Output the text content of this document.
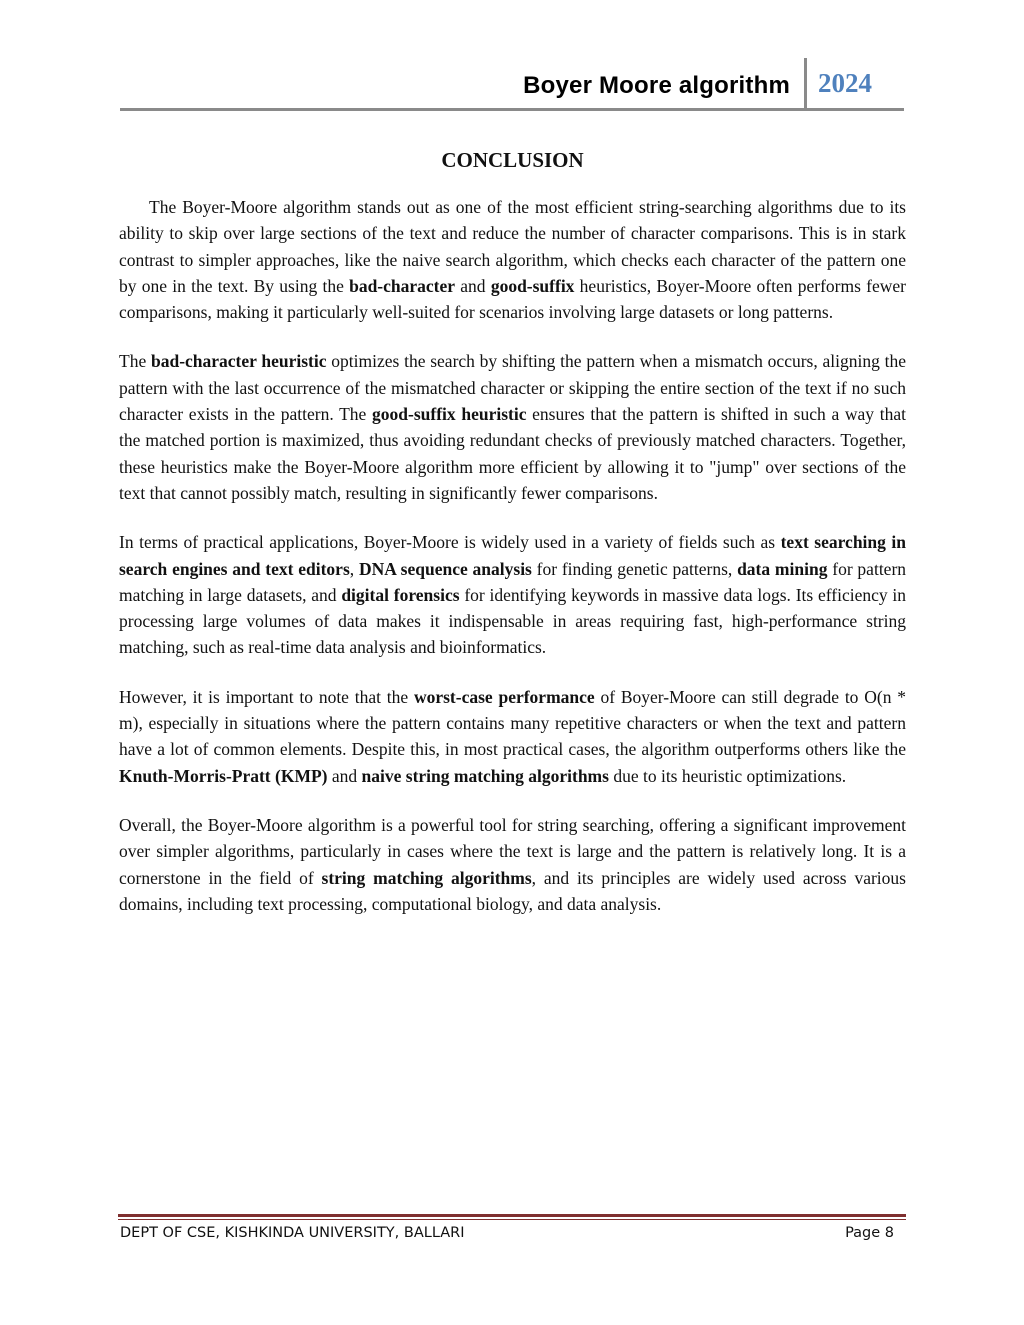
Boyer Moore algorithm 2024
CONCLUSION

The Boyer-Moore algorithm stands out as one of the most efficient string-searching algorithms due to its ability to skip over large sections of the text and reduce the number of character comparisons. This is in stark contrast to simpler approaches, like the naive search algorithm, which checks each character of the pattern one by one in the text. By using the bad-character and good-suffix heuristics, Boyer-Moore often performs fewer comparisons, making it particularly well-suited for scenarios involving large datasets or long patterns.

The bad-character heuristic optimizes the search by shifting the pattern when a mismatch occurs, aligning the pattern with the last occurrence of the mismatched character or skipping the entire section of the text if no such character exists in the pattern. The good-suffix heuristic ensures that the pattern is shifted in such a way that the matched portion is maximized, thus avoiding redundant checks of previously matched characters. Together, these heuristics make the Boyer-Moore algorithm more efficient by allowing it to "jump" over sections of the text that cannot possibly match, resulting in significantly fewer comparisons.

In terms of practical applications, Boyer-Moore is widely used in a variety of fields such as text searching in search engines and text editors, DNA sequence analysis for finding genetic patterns, data mining for pattern matching in large datasets, and digital forensics for identifying keywords in massive data logs. Its efficiency in processing large volumes of data makes it indispensable in areas requiring fast, high-performance string matching, such as real-time data analysis and bioinformatics.

However, it is important to note that the worst-case performance of Boyer-Moore can still degrade to O(n * m), especially in situations where the pattern contains many repetitive characters or when the text and pattern have a lot of common elements. Despite this, in most practical cases, the algorithm outperforms others like the Knuth-Morris-Pratt (KMP) and naive string matching algorithms due to its heuristic optimizations.

Overall, the Boyer-Moore algorithm is a powerful tool for string searching, offering a significant improvement over simpler algorithms, particularly in cases where the text is large and the pattern is relatively long. It is a cornerstone in the field of string matching algorithms, and its principles are widely used across various domains, including text processing, computational biology, and data analysis.

DEPT OF CSE, KISHKINDA UNIVERSITY, BALLARI	Page 8
